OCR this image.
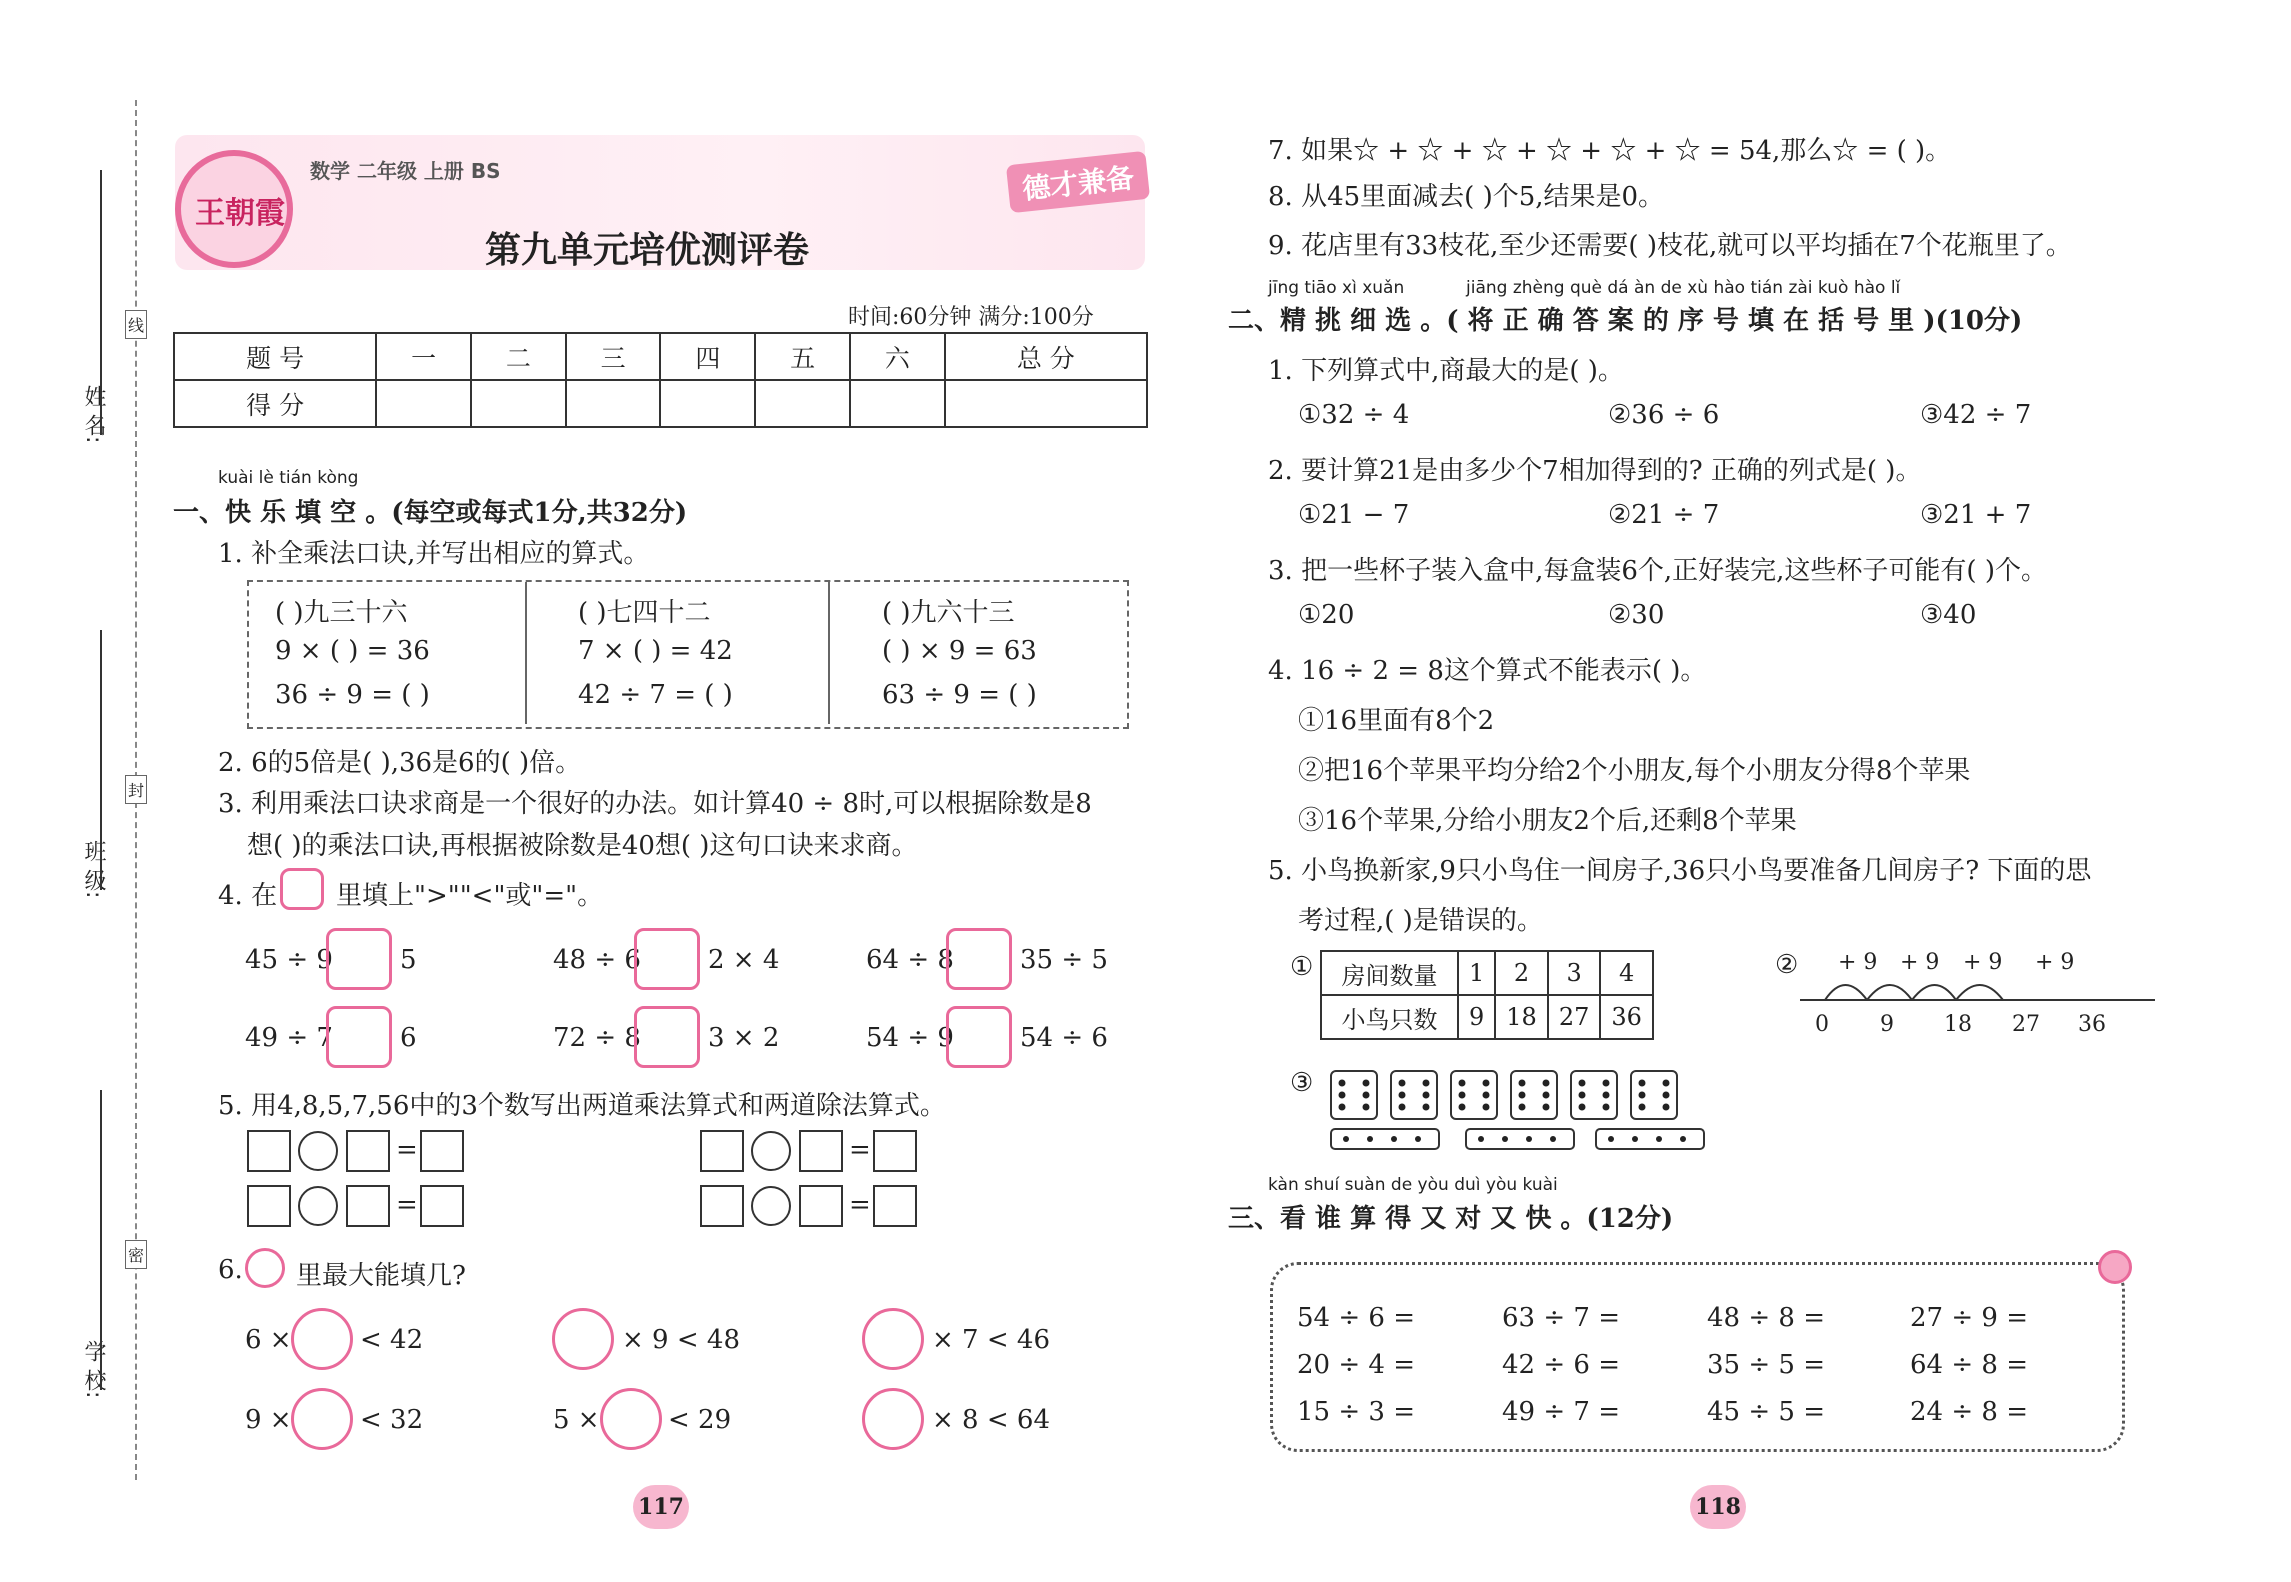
姓 名:
班 级:
学 校:
线
封
密
王朝霞
数学 二年级 上册 BS	德才兼备
第九单元培优测评卷
时间:60分钟 满分:100分
题 号	一	二	三	四	五	六	总 分
得 分							
kuài lè tián kòng
一、快 乐 填 空 。(每空或每式1分,共32分)
1. 补全乘法口诀,并写出相应的算式。
( )九三十六
9 × ( ) = 36
36 ÷ 9 = ( )
( )七四十二
7 × ( ) = 42
42 ÷ 7 = ( )
( )九六十三
( ) × 9 = 63
63 ÷ 9 = ( )
2. 6的5倍是( ),36是6的( )倍。
3. 利用乘法口诀求商是一个很好的办法。如计算40 ÷ 8时,可以根据除数是8
想( )的乘法口诀,再根据被除数是40想( )这句口诀来求商。
4. 在 里填上">""<"或"="。
45 ÷ 9	5	48 ÷ 6	2 × 4	64 ÷ 8	35 ÷ 5
49 ÷ 7	6	72 ÷ 8	3 × 2	54 ÷ 9	54 ÷ 6
5. 用4,8,5,7,56中的3个数写出两道乘法算式和两道除法算式。
=	=
=	=
6. 里最大能填几?
6 ×	< 42	× 9 < 48	× 7 < 46
9 ×	< 32	5 ×	< 29	× 8 < 64
117
7. 如果☆ + ☆ + ☆ + ☆ + ☆ + ☆ = 54,那么☆ = ( )。
8. 从45里面减去( )个5,结果是0。
9. 花店里有33枝花,至少还需要( )枝花,就可以平均插在7个花瓶里了。
jīng tiāo xì xuǎn	jiāng zhèng què dá àn de xù hào tián zài kuò hào lǐ
二、精 挑 细 选 。( 将 正 确 答 案 的 序 号 填 在 括 号 里 )(10分)
1. 下列算式中,商最大的是( )。
①32 ÷ 4	②36 ÷ 6	③42 ÷ 7
2. 要计算21是由多少个7相加得到的? 正确的列式是( )。
①21 − 7	②21 ÷ 7	③21 + 7
3. 把一些杯子装入盒中,每盒装6个,正好装完,这些杯子可能有( )个。
①20	②30	③40
4. 16 ÷ 2 = 8这个算式不能表示( )。
①16里面有8个2
②把16个苹果平均分给2个小朋友,每个小朋友分得8个苹果
③16个苹果,分给小朋友2个后,还剩8个苹果
5. 小鸟换新家,9只小鸟住一间房子,36只小鸟要准备几间房子? 下面的思
考过程,( )是错误的。
① 房间数量	1	2	3	4
小鸟只数	9	18	27	36
② + 9 + 9 + 9 + 9
0 9 18 27 36
③
kàn shuí suàn de yòu duì yòu kuài
三、看 谁 算 得 又 对 又 快 。(12分)
54 ÷ 6 =	63 ÷ 7 =	48 ÷ 8 =	27 ÷ 9 =
20 ÷ 4 =	42 ÷ 6 =	35 ÷ 5 =	64 ÷ 8 =
15 ÷ 3 =	49 ÷ 7 =	45 ÷ 5 =	24 ÷ 8 =
118
